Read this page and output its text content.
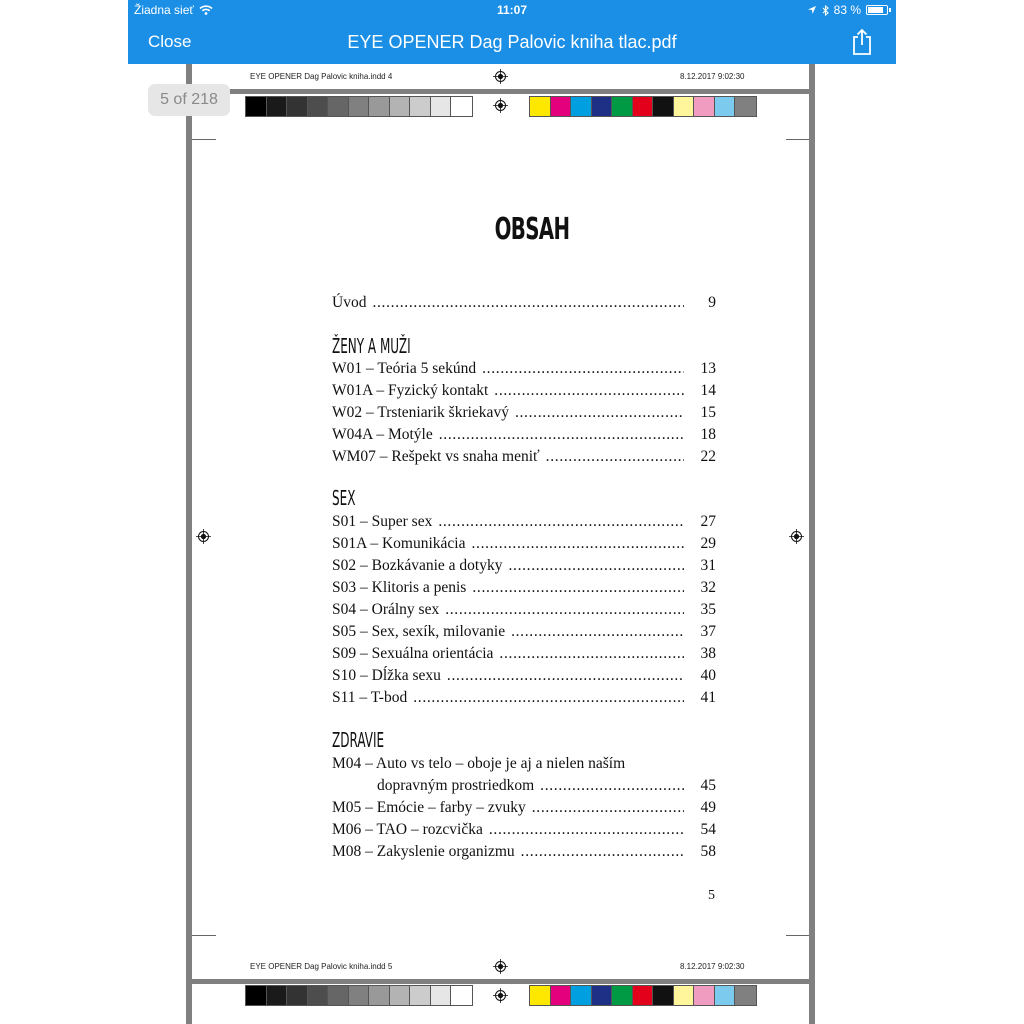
Žiadna sieť	11:07	83 %
Close	EYE OPENER Dag Palovic kniha tlac.pdf
EYE OPENER Dag Palovic kniha.indd 4	8.12.2017 9:02:30
OBSAH
Úvod . . .	9
ŽENY A MUŽI
W01 – Teória 5 sekúnd . . .	13
W01A – Fyzický kontakt . . .	14
W02 – Trsteniarik škriekavý . . .	15
W04A – Motýle . . .	18
WM07 – Rešpekt vs snaha meniť . . .	22
SEX
S01 – Super sex . . .	27
S01A – Komunikácia . . .	29
S02 – Bozkávanie a dotyky . . .	31
S03 – Klitoris a penis . . .	32
S04 – Orálny sex . . .	35
S05 – Sex, sexík, milovanie . . .	37
S09 – Sexuálna orientácia . . .	38
S10 – Dĺžka sexu . . .	40
S11 – T-bod . . .	41
ZDRAVIE
M04 – Auto vs telo – oboje je aj a nielen naším
dopravným prostriedkom . . .	45
M05 – Emócie – farby – zvuky . . .	49
M06 – TAO – rozcvička . . .	54
M08 – Zakyslenie organizmu . . .	58
5
EYE OPENER Dag Palovic kniha.indd 5	8.12.2017 9:02:30
5 of 218
